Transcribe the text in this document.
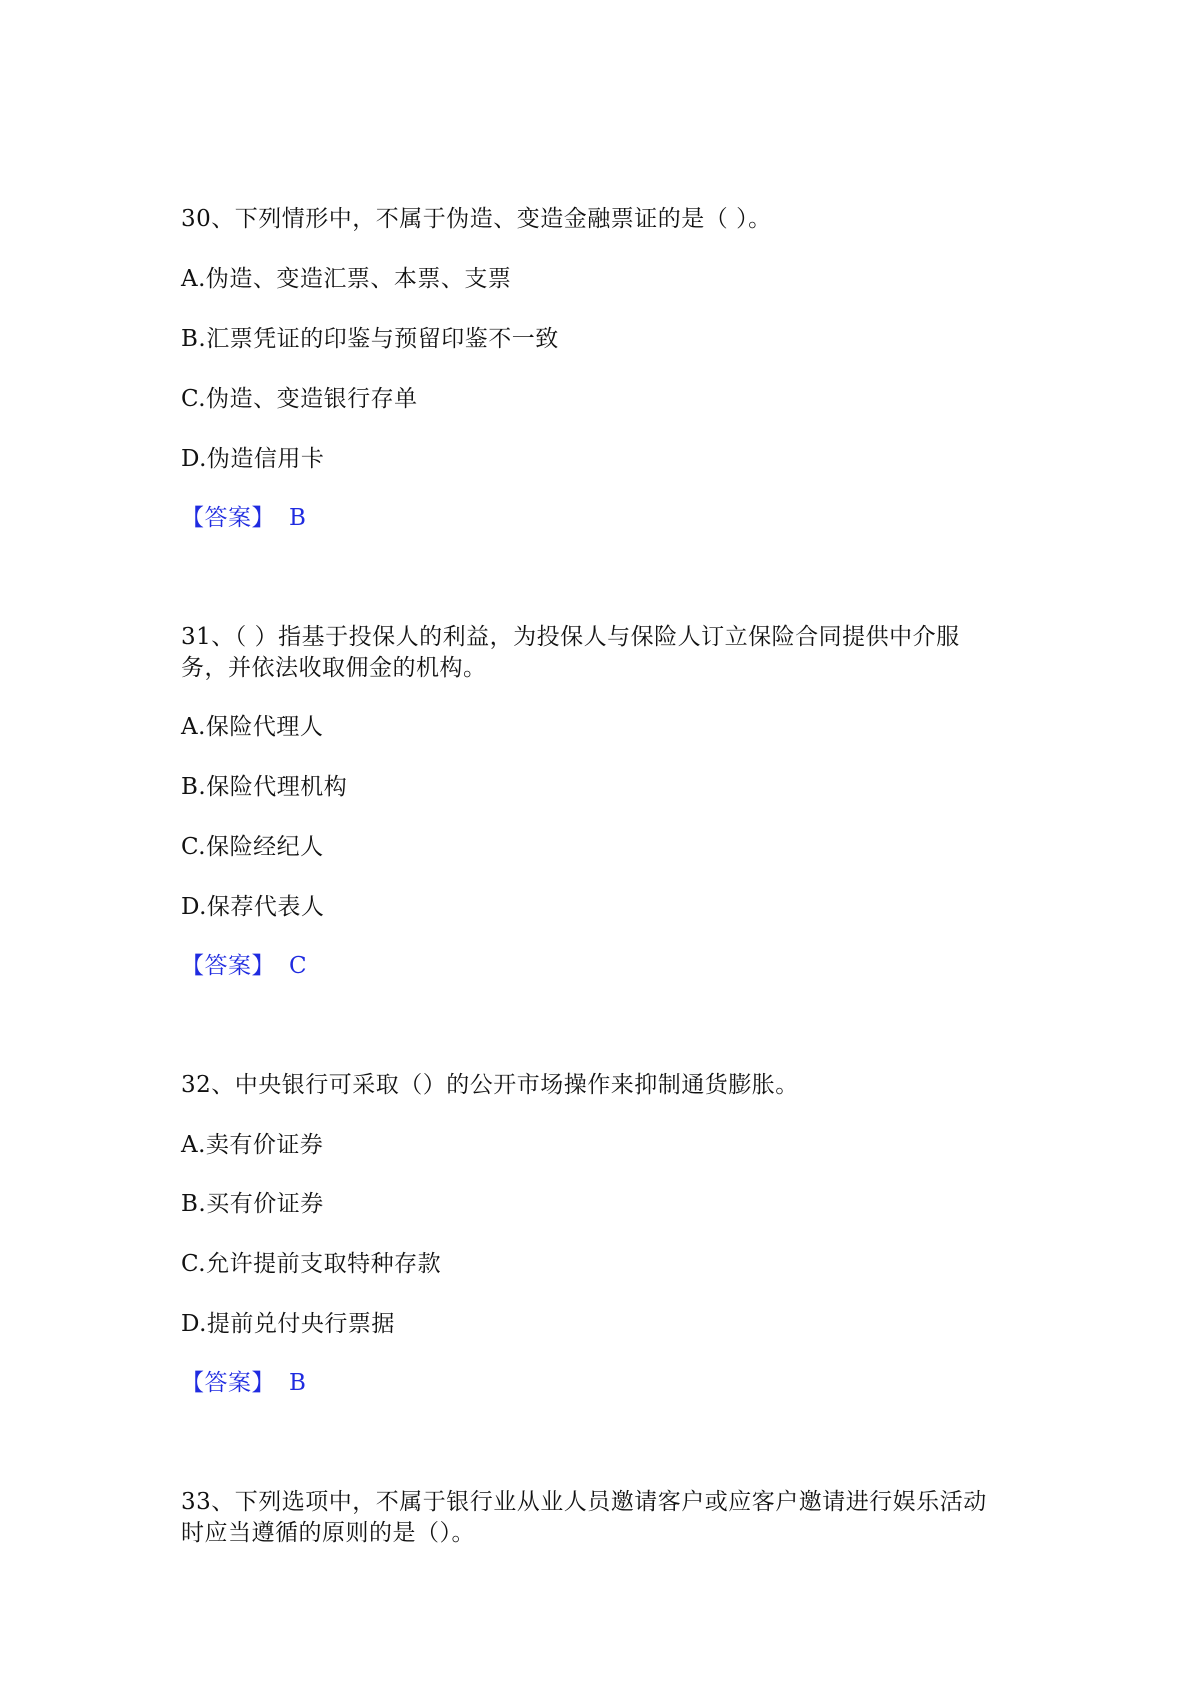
30、下列情形中，不属于伪造、变造金融票证的是（ ）。
A.伪造、变造汇票、本票、支票
B.汇票凭证的印鉴与预留印鉴不一致
C.伪造、变造银行存单
D.伪造信用卡
【答案】 B
31、（ ）指基于投保人的利益，为投保人与保险人订立保险合同提供中介服
务，并依法收取佣金的机构。
A.保险代理人
B.保险代理机构
C.保险经纪人
D.保荐代表人
【答案】 C
32、中央银行可采取（）的公开市场操作来抑制通货膨胀。
A.卖有价证券
B.买有价证券
C.允许提前支取特种存款
D.提前兑付央行票据
【答案】 B
33、下列选项中，不属于银行业从业人员邀请客户或应客户邀请进行娱乐活动
时应当遵循的原则的是（）。
